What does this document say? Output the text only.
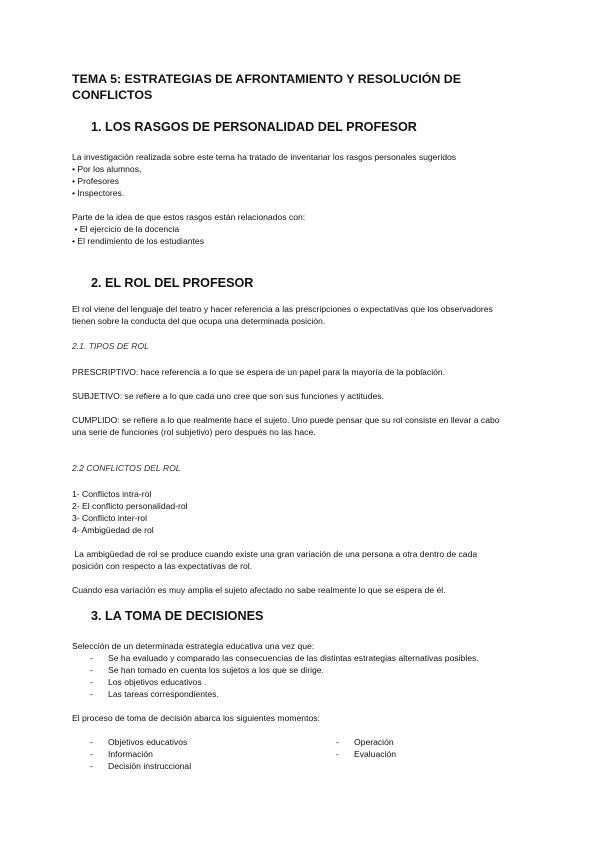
TEMA 5: ESTRATEGIAS DE AFRONTAMIENTO Y RESOLUCIÓN DE
CONFLICTOS
1. LOS RASGOS DE PERSONALIDAD DEL PROFESOR
La investigación realizada sobre este tema ha tratado de inventariar los rasgos personales sugeridos
• Por los alumnos,
• Profesores
• Inspectores.
Parte de la idea de que estos rasgos están relacionados con:
• El ejercicio de la docencia
• El rendimiento de los estudiantes
2. EL ROL DEL PROFESOR
El rol viene del lenguaje del teatro y hacer referencia a las prescripciones o expectativas que los observadores
tienen sobre la conducta del que ocupa una determinada posición.
2.1. TIPOS DE ROL
PRESCRIPTIVO: hace referencia a lo que se espera de un papel para la mayoría de la población.
SUBJETIVO: se refiere a lo que cada uno cree que son sus funciones y actitudes.
CUMPLIDO: se refiere a lo que realmente hace el sujeto. Uno puede pensar que su rol consiste en llevar a cabo
una serie de funciones (rol subjetivo) pero después no las hace.
2.2 CONFLICTOS DEL ROL
1- Conflictos intra-rol
2- El conflicto personalidad-rol
3- Conflicto inter-rol
4- Ambigüedad de rol
La ambigüedad de rol se produce cuando existe una gran variación de una persona a otra dentro de cada
posición con respecto a las expectativas de rol.
Cuando esa variación es muy amplia el sujeto afectado no sabe realmente lo que se espera de él.
3. LA TOMA DE DECISIONES
Selección de un determinada estrategia educativa una vez que:
- Se ha evaluado y comparado las consecuencias de las distintas estrategias alternativas posibles.
- Se han tomado en cuenta los sujetos a los que se dirige.
- Los objetivos educativos .
- Las tareas correspondientes.
El proceso de toma de decisión abarca los siguientes momentos:
- Objetivos educativos
- Información
- Decisión instruccional
- Operación
- Evaluación
